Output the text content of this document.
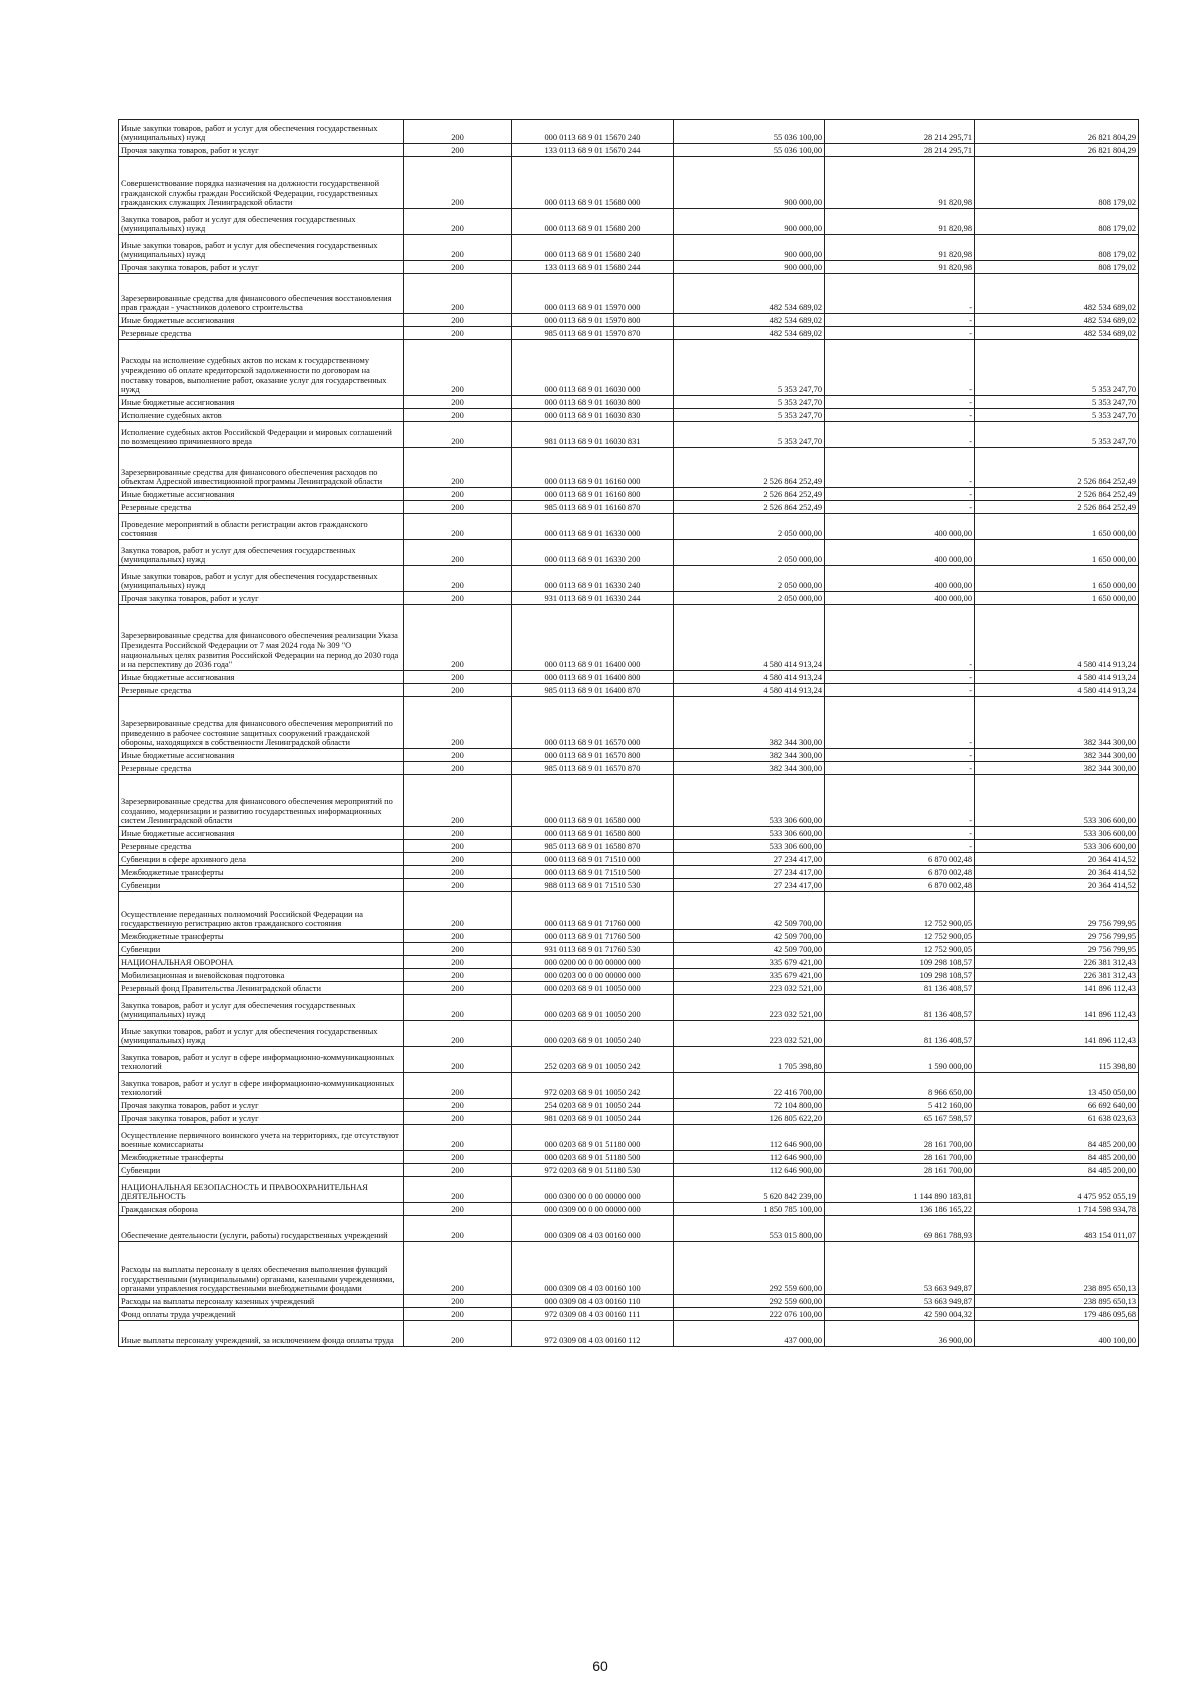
Иные закупки товаров, работ и услуг для обеспечения государственных (муниципальных) нужд	200	000 0113 68 9 01 15670 240	55 036 100,00	28 214 295,71	26 821 804,29
Прочая закупка товаров, работ и услуг	200	133 0113 68 9 01 15670 244	55 036 100,00	28 214 295,71	26 821 804,29
Совершенствование порядка назначения на должности государственной гражданской службы граждан Российской Федерации, государственных гражданских служащих Ленинградской области	200	000 0113 68 9 01 15680 000	900 000,00	91 820,98	808 179,02
Закупка товаров, работ и услуг для обеспечения государственных (муниципальных) нужд	200	000 0113 68 9 01 15680 200	900 000,00	91 820,98	808 179,02
Иные закупки товаров, работ и услуг для обеспечения государственных (муниципальных) нужд	200	000 0113 68 9 01 15680 240	900 000,00	91 820,98	808 179,02
Прочая закупка товаров, работ и услуг	200	133 0113 68 9 01 15680 244	900 000,00	91 820,98	808 179,02
Зарезервированные средства для финансового обеспечения восстановления прав граждан - участников долевого строительства	200	000 0113 68 9 01 15970 000	482 534 689,02	-	482 534 689,02
Иные бюджетные ассигнования	200	000 0113 68 9 01 15970 800	482 534 689,02	-	482 534 689,02
Резервные средства	200	985 0113 68 9 01 15970 870	482 534 689,02	-	482 534 689,02
Расходы на исполнение судебных актов по искам к государственному учреждению об оплате кредиторской задолженности по договорам на поставку товаров, выполнение работ, оказание услуг для государственных нужд	200	000 0113 68 9 01 16030 000	5 353 247,70	-	5 353 247,70
Иные бюджетные ассигнования	200	000 0113 68 9 01 16030 800	5 353 247,70	-	5 353 247,70
Исполнение судебных актов	200	000 0113 68 9 01 16030 830	5 353 247,70	-	5 353 247,70
Исполнение судебных актов Российской Федерации и мировых соглашений по возмещению причиненного вреда	200	981 0113 68 9 01 16030 831	5 353 247,70	-	5 353 247,70
Зарезервированные средства для финансового обеспечения расходов по объектам Адресной инвестиционной программы Ленинградской области	200	000 0113 68 9 01 16160 000	2 526 864 252,49	-	2 526 864 252,49
Иные бюджетные ассигнования	200	000 0113 68 9 01 16160 800	2 526 864 252,49	-	2 526 864 252,49
Резервные средства	200	985 0113 68 9 01 16160 870	2 526 864 252,49	-	2 526 864 252,49
Проведение мероприятий в области регистрации актов гражданского состояния	200	000 0113 68 9 01 16330 000	2 050 000,00	400 000,00	1 650 000,00
Закупка товаров, работ и услуг для обеспечения государственных (муниципальных) нужд	200	000 0113 68 9 01 16330 200	2 050 000,00	400 000,00	1 650 000,00
Иные закупки товаров, работ и услуг для обеспечения государственных (муниципальных) нужд	200	000 0113 68 9 01 16330 240	2 050 000,00	400 000,00	1 650 000,00
Прочая закупка товаров, работ и услуг	200	931 0113 68 9 01 16330 244	2 050 000,00	400 000,00	1 650 000,00
Зарезервированные средства для финансового обеспечения реализации Указа Президента Российской Федерации от 7 мая 2024 года № 309 "О национальных целях развития Российской Федерации на период до 2030 года и на перспективу до 2036 года"	200	000 0113 68 9 01 16400 000	4 580 414 913,24	-	4 580 414 913,24
Иные бюджетные ассигнования	200	000 0113 68 9 01 16400 800	4 580 414 913,24	-	4 580 414 913,24
Резервные средства	200	985 0113 68 9 01 16400 870	4 580 414 913,24	-	4 580 414 913,24
Зарезервированные средства для финансового обеспечения мероприятий по приведению в рабочее состояние защитных сооружений гражданской обороны, находящихся в собственности Ленинградской области	200	000 0113 68 9 01 16570 000	382 344 300,00	-	382 344 300,00
Иные бюджетные ассигнования	200	000 0113 68 9 01 16570 800	382 344 300,00	-	382 344 300,00
Резервные средства	200	985 0113 68 9 01 16570 870	382 344 300,00	-	382 344 300,00
Зарезервированные средства для финансового обеспечения мероприятий по созданию, модернизации и развитию государственных информационных систем Ленинградской области	200	000 0113 68 9 01 16580 000	533 306 600,00	-	533 306 600,00
Иные бюджетные ассигнования	200	000 0113 68 9 01 16580 800	533 306 600,00	-	533 306 600,00
Резервные средства	200	985 0113 68 9 01 16580 870	533 306 600,00	-	533 306 600,00
Субвенции в сфере архивного дела	200	000 0113 68 9 01 71510 000	27 234 417,00	6 870 002,48	20 364 414,52
Межбюджетные трансферты	200	000 0113 68 9 01 71510 500	27 234 417,00	6 870 002,48	20 364 414,52
Субвенции	200	988 0113 68 9 01 71510 530	27 234 417,00	6 870 002,48	20 364 414,52
Осуществление переданных полномочий Российской Федерации на государственную регистрацию актов гражданского состояния	200	000 0113 68 9 01 71760 000	42 509 700,00	12 752 900,05	29 756 799,95
Межбюджетные трансферты	200	000 0113 68 9 01 71760 500	42 509 700,00	12 752 900,05	29 756 799,95
Субвенции	200	931 0113 68 9 01 71760 530	42 509 700,00	12 752 900,05	29 756 799,95
НАЦИОНАЛЬНАЯ ОБОРОНА	200	000 0200 00 0 00 00000 000	335 679 421,00	109 298 108,57	226 381 312,43
Мобилизационная и вневойсковая подготовка	200	000 0203 00 0 00 00000 000	335 679 421,00	109 298 108,57	226 381 312,43
Резервный фонд Правительства Ленинградской области	200	000 0203 68 9 01 10050 000	223 032 521,00	81 136 408,57	141 896 112,43
Закупка товаров, работ и услуг для обеспечения государственных (муниципальных) нужд	200	000 0203 68 9 01 10050 200	223 032 521,00	81 136 408,57	141 896 112,43
Иные закупки товаров, работ и услуг для обеспечения государственных (муниципальных) нужд	200	000 0203 68 9 01 10050 240	223 032 521,00	81 136 408,57	141 896 112,43
Закупка товаров, работ и услуг в сфере информационно-коммуникационных технологий	200	252 0203 68 9 01 10050 242	1 705 398,80	1 590 000,00	115 398,80
Закупка товаров, работ и услуг в сфере информационно-коммуникационных технологий	200	972 0203 68 9 01 10050 242	22 416 700,00	8 966 650,00	13 450 050,00
Прочая закупка товаров, работ и услуг	200	254 0203 68 9 01 10050 244	72 104 800,00	5 412 160,00	66 692 640,00
Прочая закупка товаров, работ и услуг	200	981 0203 68 9 01 10050 244	126 805 622,20	65 167 598,57	61 638 023,63
Осуществление первичного воинского учета на территориях, где отсутствуют военные комиссариаты	200	000 0203 68 9 01 51180 000	112 646 900,00	28 161 700,00	84 485 200,00
Межбюджетные трансферты	200	000 0203 68 9 01 51180 500	112 646 900,00	28 161 700,00	84 485 200,00
Субвенции	200	972 0203 68 9 01 51180 530	112 646 900,00	28 161 700,00	84 485 200,00
НАЦИОНАЛЬНАЯ БЕЗОПАСНОСТЬ И ПРАВООХРАНИТЕЛЬНАЯ ДЕЯТЕЛЬНОСТЬ	200	000 0300 00 0 00 00000 000	5 620 842 239,00	1 144 890 183,81	4 475 952 055,19
Гражданская оборона	200	000 0309 00 0 00 00000 000	1 850 785 100,00	136 186 165,22	1 714 598 934,78
Обеспечение деятельности (услуги, работы) государственных учреждений	200	000 0309 08 4 03 00160 000	553 015 800,00	69 861 788,93	483 154 011,07
Расходы на выплаты персоналу в целях обеспечения выполнения функций государственными (муниципальными) органами, казенными учреждениями, органами управления государственными внебюджетными фондами	200	000 0309 08 4 03 00160 100	292 559 600,00	53 663 949,87	238 895 650,13
Расходы на выплаты персоналу казенных учреждений	200	000 0309 08 4 03 00160 110	292 559 600,00	53 663 949,87	238 895 650,13
Фонд оплаты труда учреждений	200	972 0309 08 4 03 00160 111	222 076 100,00	42 590 004,32	179 486 095,68
Иные выплаты персоналу учреждений, за исключением фонда оплаты труда	200	972 0309 08 4 03 00160 112	437 000,00	36 900,00	400 100,00
60
